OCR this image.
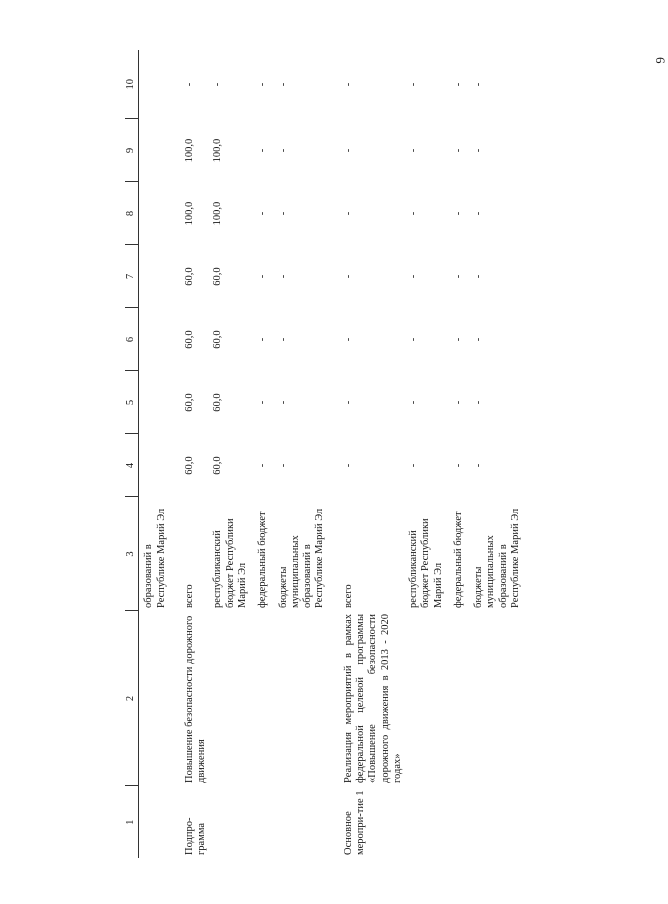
6
1	2	3	4	5	6	7	8	9	10
		образований в Республике Марий Эл							
Подпро-грамма	Повышение безопасности дорожного движения	всего	60,0	60,0	60,0	60,0	100,0	100,0	-
		республиканский бюджет Республики Марий Эл	60,0	60,0	60,0	60,0	100,0	100,0	-
		федеральный бюджет	-	-	-	-	-	-	-
		бюджеты муниципальных образований в Республике Марий Эл	-	-	-	-	-	-	-
Основное меропри-тие 1	Реализация мероприятий в рамках федеральной целевой программы «Повышение безопасности дорожного движения в 2013 - 2020 годах»	всего	-	-	-	-	-	-	-
		республиканский бюджет Республики Марий Эл	-	-	-	-	-	-	-
		федеральный бюджет	-	-	-	-	-	-	-
		бюджеты муниципальных образований в Республике Марий Эл	-	-	-	-	-	-	-
